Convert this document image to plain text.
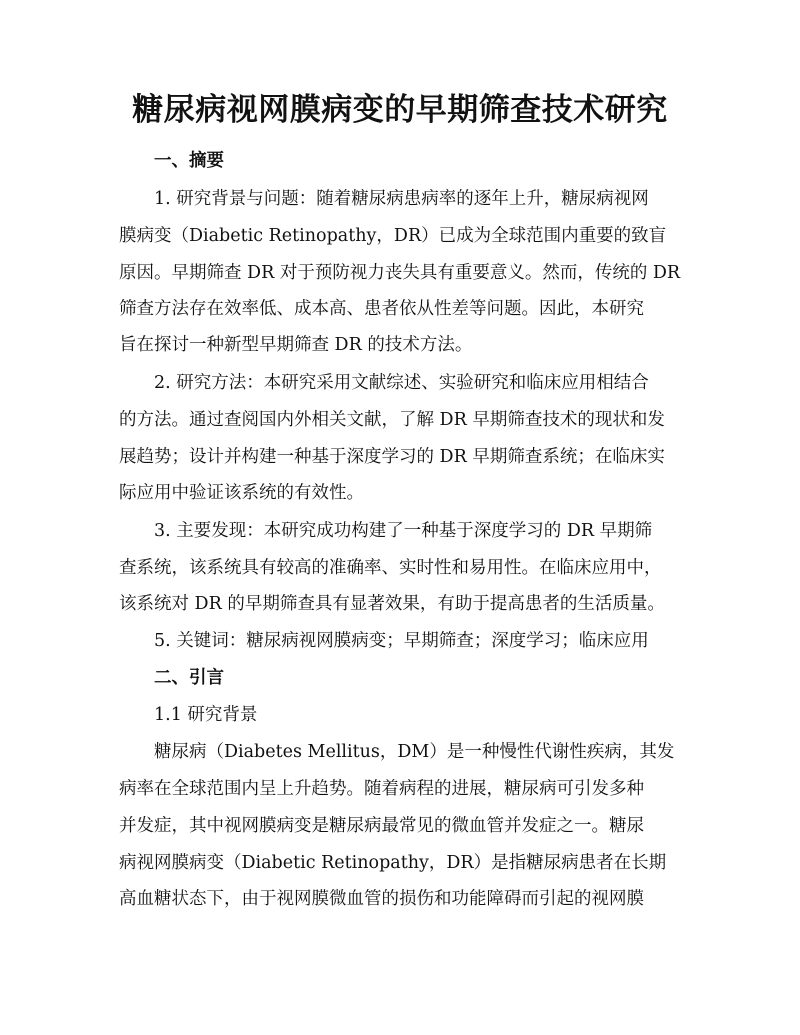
糖尿病视网膜病变的早期筛查技术研究
一、摘要
1. 研究背景与问题：随着糖尿病患病率的逐年上升，糖尿病视网
膜病变（Diabetic Retinopathy，DR）已成为全球范围内重要的致盲
原因。早期筛查 DR 对于预防视力丧失具有重要意义。然而，传统的 DR
筛查方法存在效率低、成本高、患者依从性差等问题。因此，本研究
旨在探讨一种新型早期筛查 DR 的技术方法。
2. 研究方法：本研究采用文献综述、实验研究和临床应用相结合
的方法。通过查阅国内外相关文献，了解 DR 早期筛查技术的现状和发
展趋势；设计并构建一种基于深度学习的 DR 早期筛查系统；在临床实
际应用中验证该系统的有效性。
3. 主要发现：本研究成功构建了一种基于深度学习的 DR 早期筛
查系统，该系统具有较高的准确率、实时性和易用性。在临床应用中，
该系统对 DR 的早期筛查具有显著效果，有助于提高患者的生活质量。
5. 关键词：糖尿病视网膜病变；早期筛查；深度学习；临床应用
二、引言
1.1 研究背景
糖尿病（Diabetes Mellitus，DM）是一种慢性代谢性疾病，其发
病率在全球范围内呈上升趋势。随着病程的进展，糖尿病可引发多种
并发症，其中视网膜病变是糖尿病最常见的微血管并发症之一。糖尿
病视网膜病变（Diabetic Retinopathy，DR）是指糖尿病患者在长期
高血糖状态下，由于视网膜微血管的损伤和功能障碍而引起的视网膜
